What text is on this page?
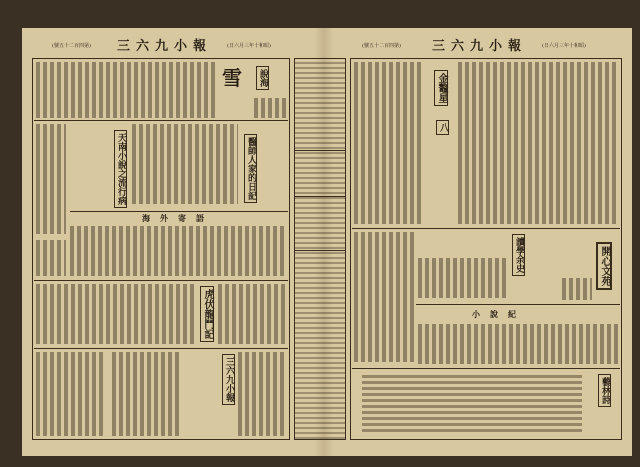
(號五十二百四第) 三六九小報	(日六月三年十和昭)	(號五十二百四第) 三六九小報	(日六月三年十和昭)
說海
雪
天南小說之流行病	醫師人家的日記
海外寄語
虎伏龍鬥記
三六九小報
金鼇星
八
讀學余史	開心文苑
小說紀
藝林詩
